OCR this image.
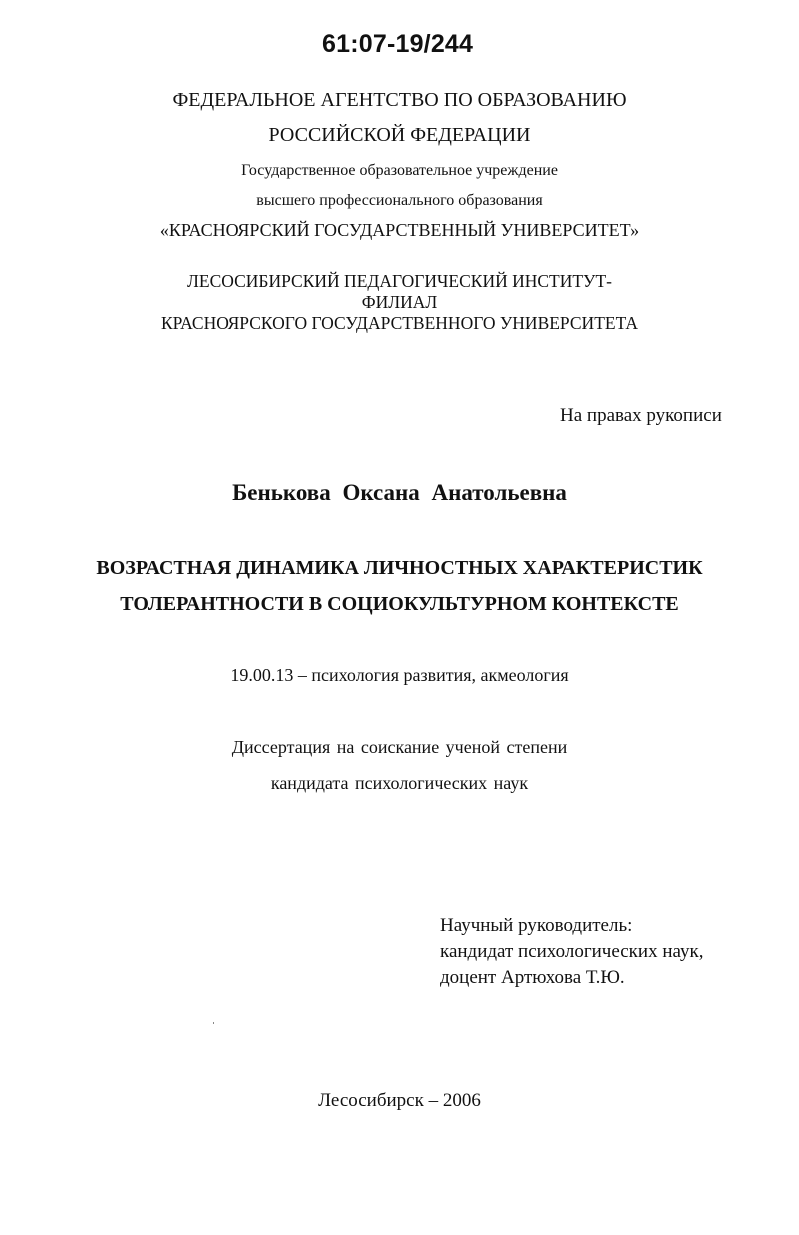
61:07-19/244
ФЕДЕРАЛЬНОЕ АГЕНТСТВО ПО ОБРАЗОВАНИЮ
РОССИЙСКОЙ ФЕДЕРАЦИИ
Государственное образовательное учреждение
высшего профессионального образования
«КРАСНОЯРСКИЙ ГОСУДАРСТВЕННЫЙ УНИВЕРСИТЕТ»
ЛЕСОСИБИРСКИЙ ПЕДАГОГИЧЕСКИЙ ИНСТИТУТ-
ФИЛИАЛ
КРАСНОЯРСКОГО ГОСУДАРСТВЕННОГО УНИВЕРСИТЕТА
На правах рукописи
Бенькова Оксана Анатольевна
ВОЗРАСТНАЯ ДИНАМИКА ЛИЧНОСТНЫХ ХАРАКТЕРИСТИК
ТОЛЕРАНТНОСТИ В СОЦИОКУЛЬТУРНОМ КОНТЕКСТЕ
19.00.13 – психология развития, акмеология
Диссертация на соискание ученой степени
кандидата психологических наук
Научный руководитель:
кандидат психологических наук,
доцент Артюхова Т.Ю.
Лесосибирск – 2006
